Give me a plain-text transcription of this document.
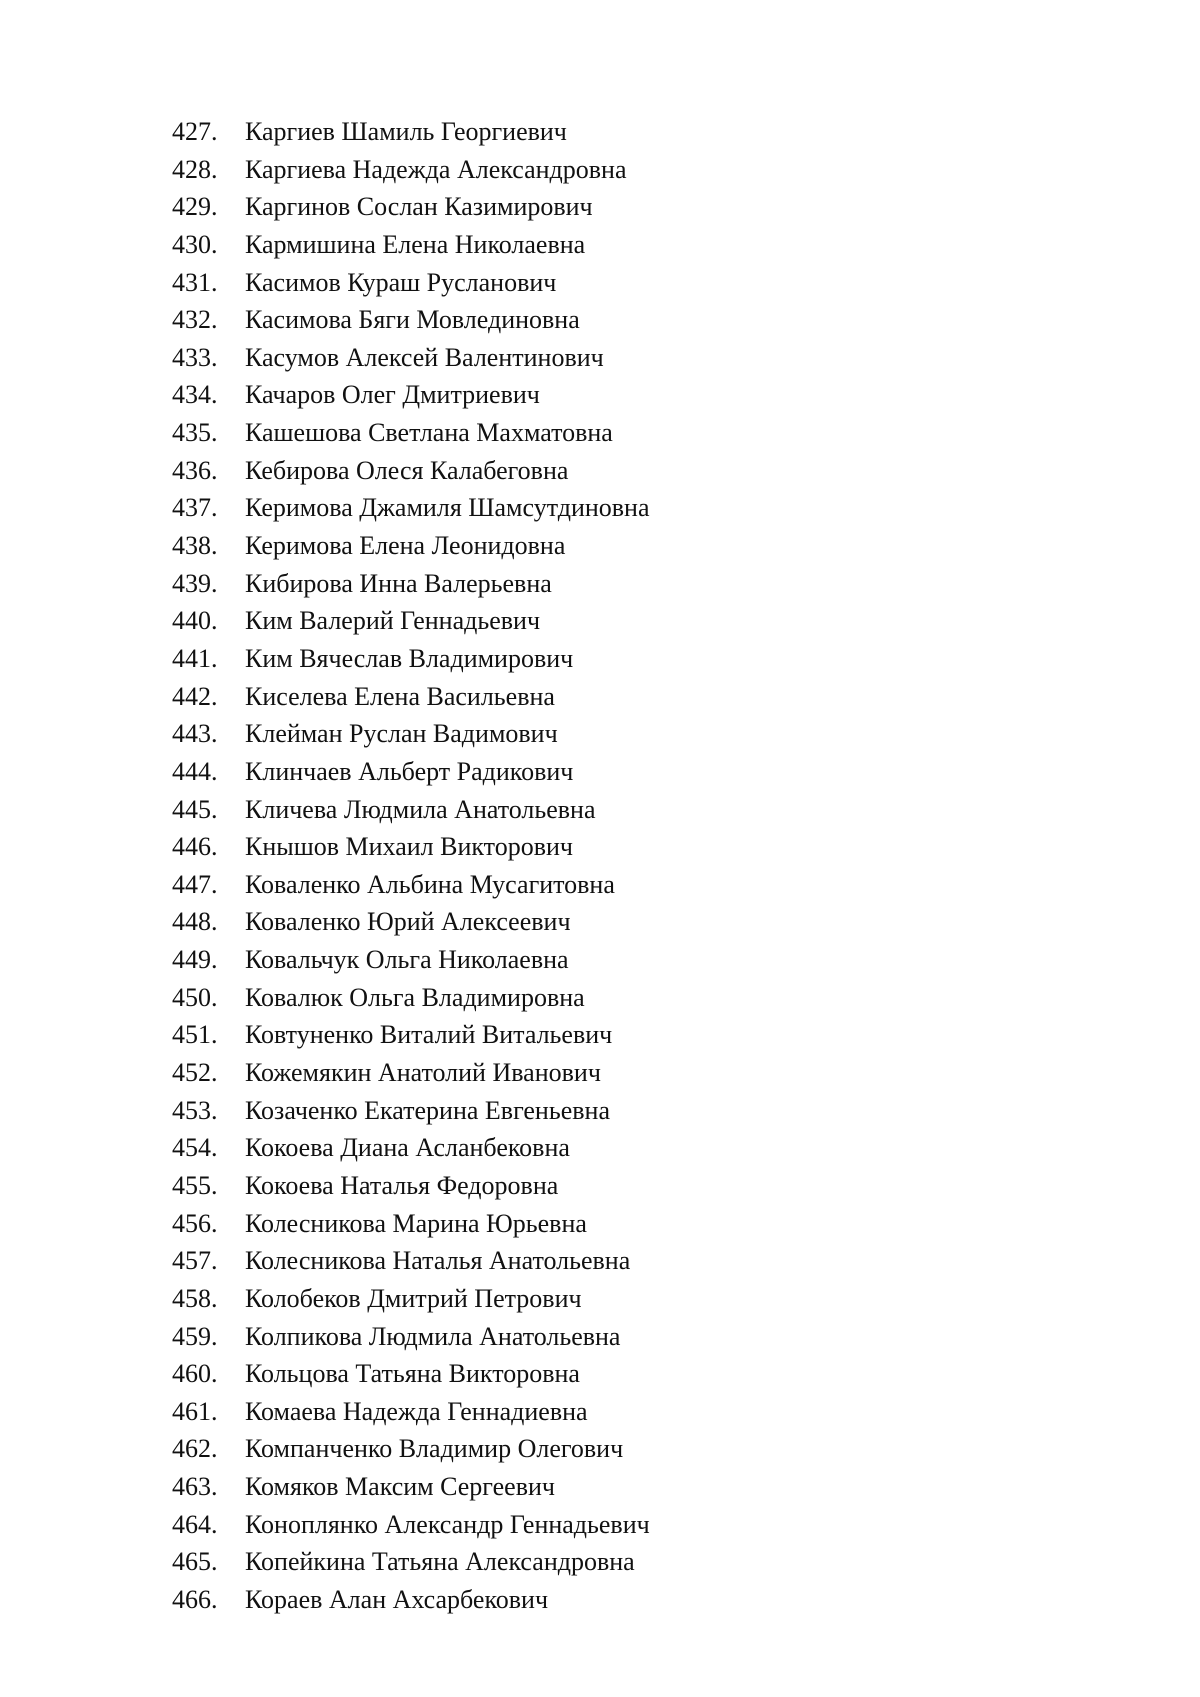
427. Каргиев Шамиль Георгиевич
428. Каргиева Надежда Александровна
429. Каргинов Сослан Казимирович
430. Кармишина Елена Николаевна
431. Касимов Кураш Русланович
432. Касимова Бяги Мовлединовна
433. Касумов Алексей Валентинович
434. Качаров Олег Дмитриевич
435. Кашешова Светлана Махматовна
436. Кебирова Олеся Калабеговна
437. Керимова Джамиля Шамсутдиновна
438. Керимова Елена Леонидовна
439. Кибирова Инна Валерьевна
440. Ким Валерий Геннадьевич
441. Ким Вячеслав Владимирович
442. Киселева Елена Васильевна
443. Клейман Руслан Вадимович
444. Клинчаев Альберт Радикович
445. Кличева Людмила Анатольевна
446. Кнышов Михаил Викторович
447. Коваленко Альбина Мусагитовна
448. Коваленко Юрий Алексеевич
449. Ковальчук Ольга Николаевна
450. Ковалюк Ольга Владимировна
451. Ковтуненко Виталий Витальевич
452. Кожемякин Анатолий Иванович
453. Козаченко Екатерина Евгеньевна
454. Кокоева Диана Асланбековна
455. Кокоева Наталья Федоровна
456. Колесникова Марина Юрьевна
457. Колесникова Наталья Анатольевна
458. Колобеков Дмитрий Петрович
459. Колпикова Людмила Анатольевна
460. Кольцова Татьяна Викторовна
461. Комаева Надежда Геннадиевна
462. Компанченко Владимир Олегович
463. Комяков Максим Сергеевич
464. Коноплянко Александр Геннадьевич
465. Копейкина Татьяна Александровна
466. Кораев Алан Ахсарбекович
